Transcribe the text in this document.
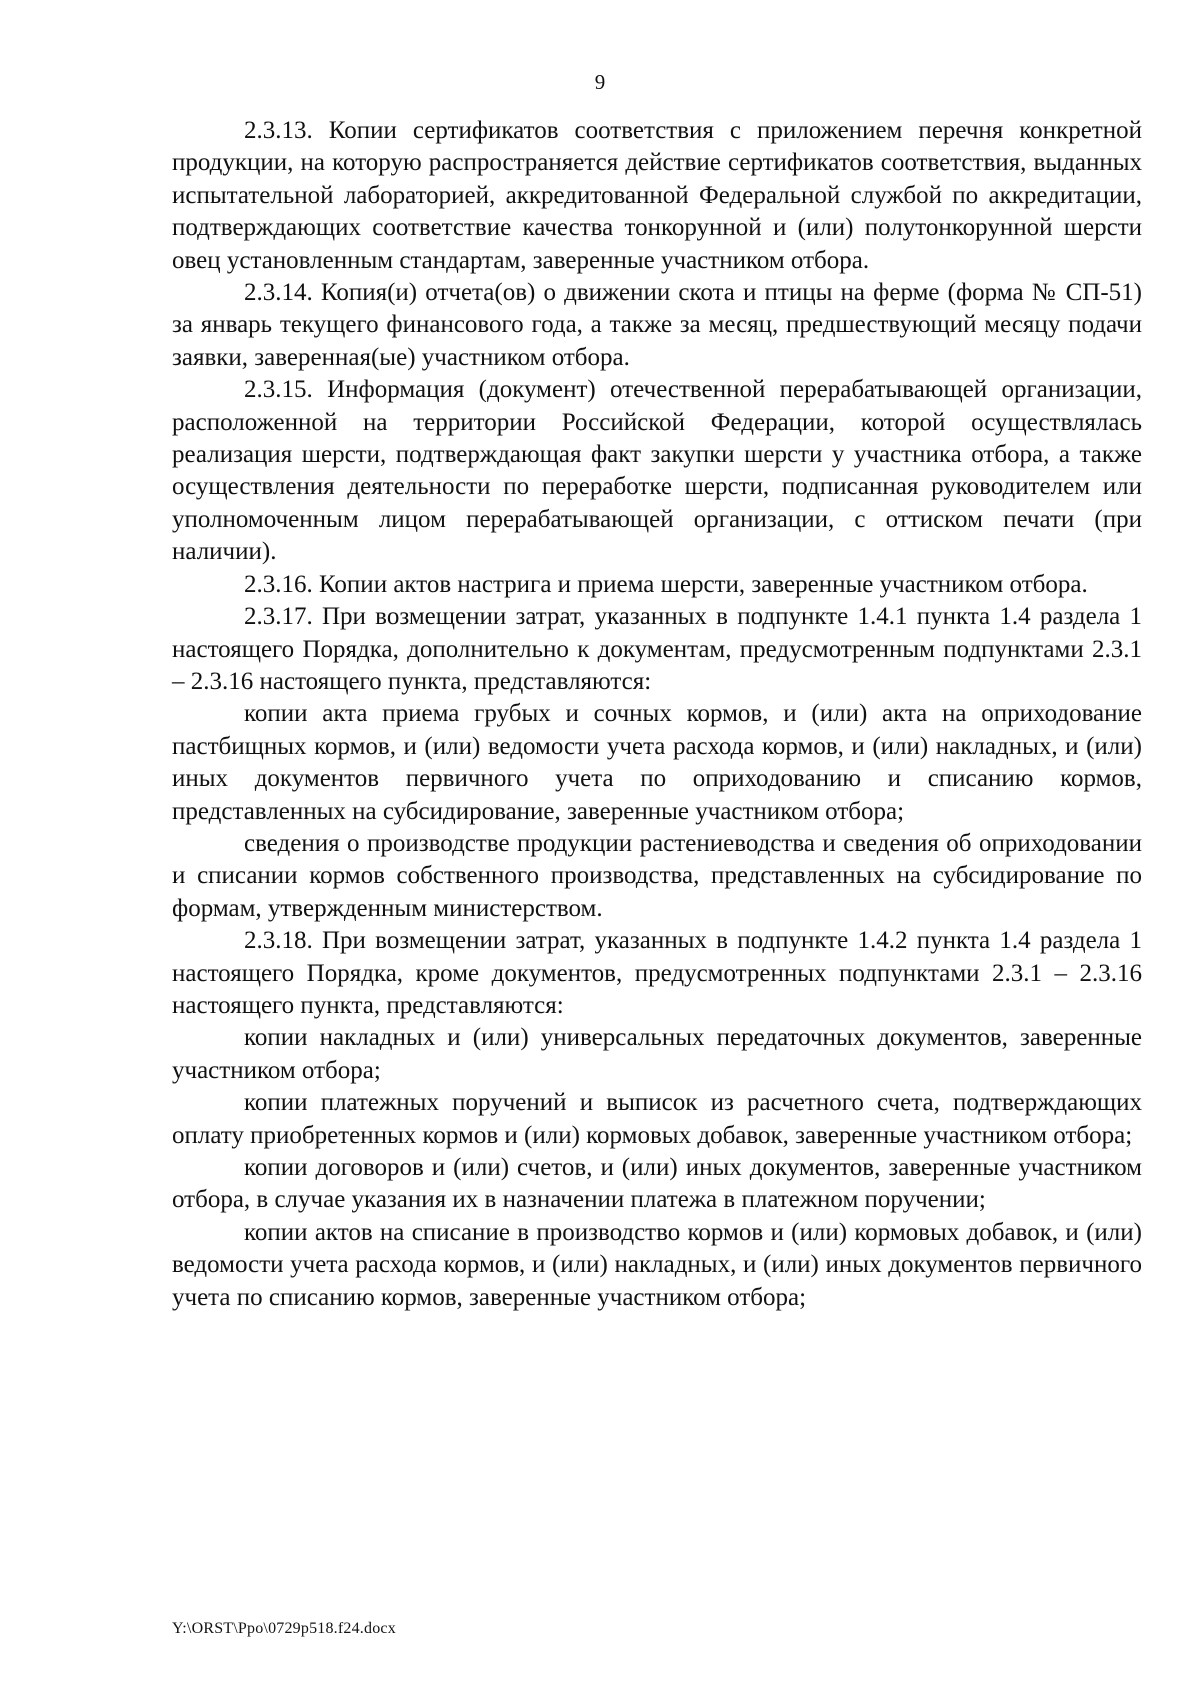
9

2.3.13. Копии сертификатов соответствия с приложением перечня конкретной продукции, на которую распространяется действие сертификатов соответствия, выданных испытательной лабораторией, аккредитованной Федеральной службой по аккредитации, подтверждающих соответствие качества тонкорунной и (или) полутонкорунной шерсти овец установленным стандартам, заверенные участником отбора.

2.3.14. Копия(и) отчета(ов) о движении скота и птицы на ферме (форма № СП-51) за январь текущего финансового года, а также за месяц, предшествующий месяцу подачи заявки, заверенная(ые) участником отбора.

2.3.15. Информация (документ) отечественной перерабатывающей организации, расположенной на территории Российской Федерации, которой осуществлялась реализация шерсти, подтверждающая факт закупки шерсти у участника отбора, а также осуществления деятельности по переработке шерсти, подписанная руководителем или уполномоченным лицом перерабатывающей организации, с оттиском печати (при наличии).

2.3.16. Копии актов настрига и приема шерсти, заверенные участником отбора.

2.3.17. При возмещении затрат, указанных в подпункте 1.4.1 пункта 1.4 раздела 1 настоящего Порядка, дополнительно к документам, предусмотренным подпунктами 2.3.1 – 2.3.16 настоящего пункта, представляются:

копии акта приема грубых и сочных кормов, и (или) акта на оприходование пастбищных кормов, и (или) ведомости учета расхода кормов, и (или) накладных, и (или) иных документов первичного учета по оприходованию и списанию кормов, представленных на субсидирование, заверенные участником отбора;

сведения о производстве продукции растениеводства и сведения об оприходовании и списании кормов собственного производства, представленных на субсидирование по формам, утвержденным министерством.

2.3.18. При возмещении затрат, указанных в подпункте 1.4.2 пункта 1.4 раздела 1 настоящего Порядка, кроме документов, предусмотренных подпунктами 2.3.1 – 2.3.16 настоящего пункта, представляются:

копии накладных и (или) универсальных передаточных документов, заверенные участником отбора;

копии платежных поручений и выписок из расчетного счета, подтверждающих оплату приобретенных кормов и (или) кормовых добавок, заверенные участником отбора;

копии договоров и (или) счетов, и (или) иных документов, заверенные участником отбора, в случае указания их в назначении платежа в платежном поручении;

копии актов на списание в производство кормов и (или) кормовых добавок, и (или) ведомости учета расхода кормов, и (или) накладных, и (или) иных документов первичного учета по списанию кормов, заверенные участником отбора;

Y:\ORST\Ppo\0729p518.f24.docx
